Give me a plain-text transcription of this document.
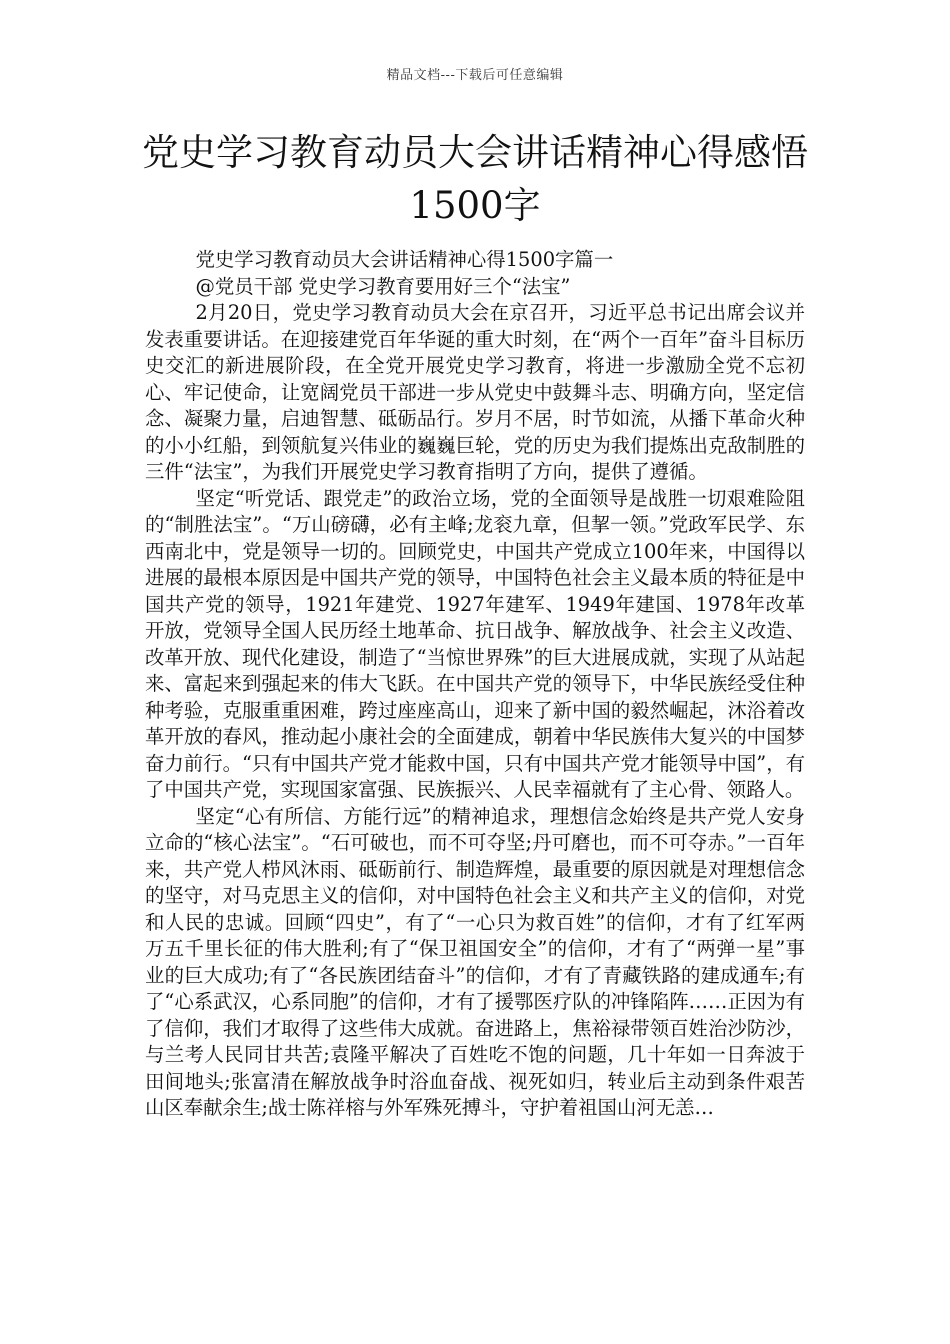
精品文档---下载后可任意编辑
党史学习教育动员大会讲话精神心得感悟
1500字

党史学习教育动员大会讲话精神心得1500字篇一

@党员干部 党史学习教育要用好三个“法宝”

2月20日，党史学习教育动员大会在京召开，习近平总书记出席会议并发表重要讲话。在迎接建党百年华诞的重大时刻，在“两个一百年”奋斗目标历史交汇的新进展阶段，在全党开展党史学习教育，将进一步激励全党不忘初心、牢记使命，让宽阔党员干部进一步从党史中鼓舞斗志、明确方向，坚定信念、凝聚力量，启迪智慧、砥砺品行。岁月不居，时节如流，从播下革命火种的小小红船，到领航复兴伟业的巍巍巨轮，党的历史为我们提炼出克敌制胜的三件“法宝”，为我们开展党史学习教育指明了方向，提供了遵循。

坚定“听党话、跟党走”的政治立场，党的全面领导是战胜一切艰难险阻的“制胜法宝”。“万山磅礴，必有主峰;龙衮九章，但挈一领。”党政军民学、东西南北中，党是领导一切的。回顾党史，中国共产党成立100年来，中国得以进展的最根本原因是中国共产党的领导，中国特色社会主义最本质的特征是中国共产党的领导，1921年建党、1927年建军、1949年建国、1978年改革开放，党领导全国人民历经土地革命、抗日战争、解放战争、社会主义改造、改革开放、现代化建设，制造了“当惊世界殊”的巨大进展成就，实现了从站起来、富起来到强起来的伟大飞跃。在中国共产党的领导下，中华民族经受住种种考验，克服重重困难，跨过座座高山，迎来了新中国的毅然崛起，沐浴着改革开放的春风，推动起小康社会的全面建成，朝着中华民族伟大复兴的中国梦奋力前行。“只有中国共产党才能救中国，只有中国共产党才能领导中国”，有了中国共产党，实现国家富强、民族振兴、人民幸福就有了主心骨、领路人。

坚定“心有所信、方能行远”的精神追求，理想信念始终是共产党人安身立命的“核心法宝”。“石可破也，而不可夺坚;丹可磨也，而不可夺赤。”一百年来，共产党人栉风沐雨、砥砺前行、制造辉煌，最重要的原因就是对理想信念的坚守，对马克思主义的信仰，对中国特色社会主义和共产主义的信仰，对党和人民的忠诚。回顾“四史”，有了“一心只为救百姓”的信仰，才有了红军两万五千里长征的伟大胜利;有了“保卫祖国安全”的信仰，才有了“两弹一星”事业的巨大成功;有了“各民族团结奋斗”的信仰，才有了青藏铁路的建成通车;有了“心系武汉，心系同胞”的信仰，才有了援鄂医疗队的冲锋陷阵……正因为有了信仰，我们才取得了这些伟大成就。奋进路上，焦裕禄带领百姓治沙防沙，与兰考人民同甘共苦;袁隆平解决了百姓吃不饱的问题，几十年如一日奔波于田间地头;张富清在解放战争时浴血奋战、视死如归，转业后主动到条件艰苦山区奉献余生;战士陈祥榕与外军殊死搏斗，守护着祖国山河无恙…
